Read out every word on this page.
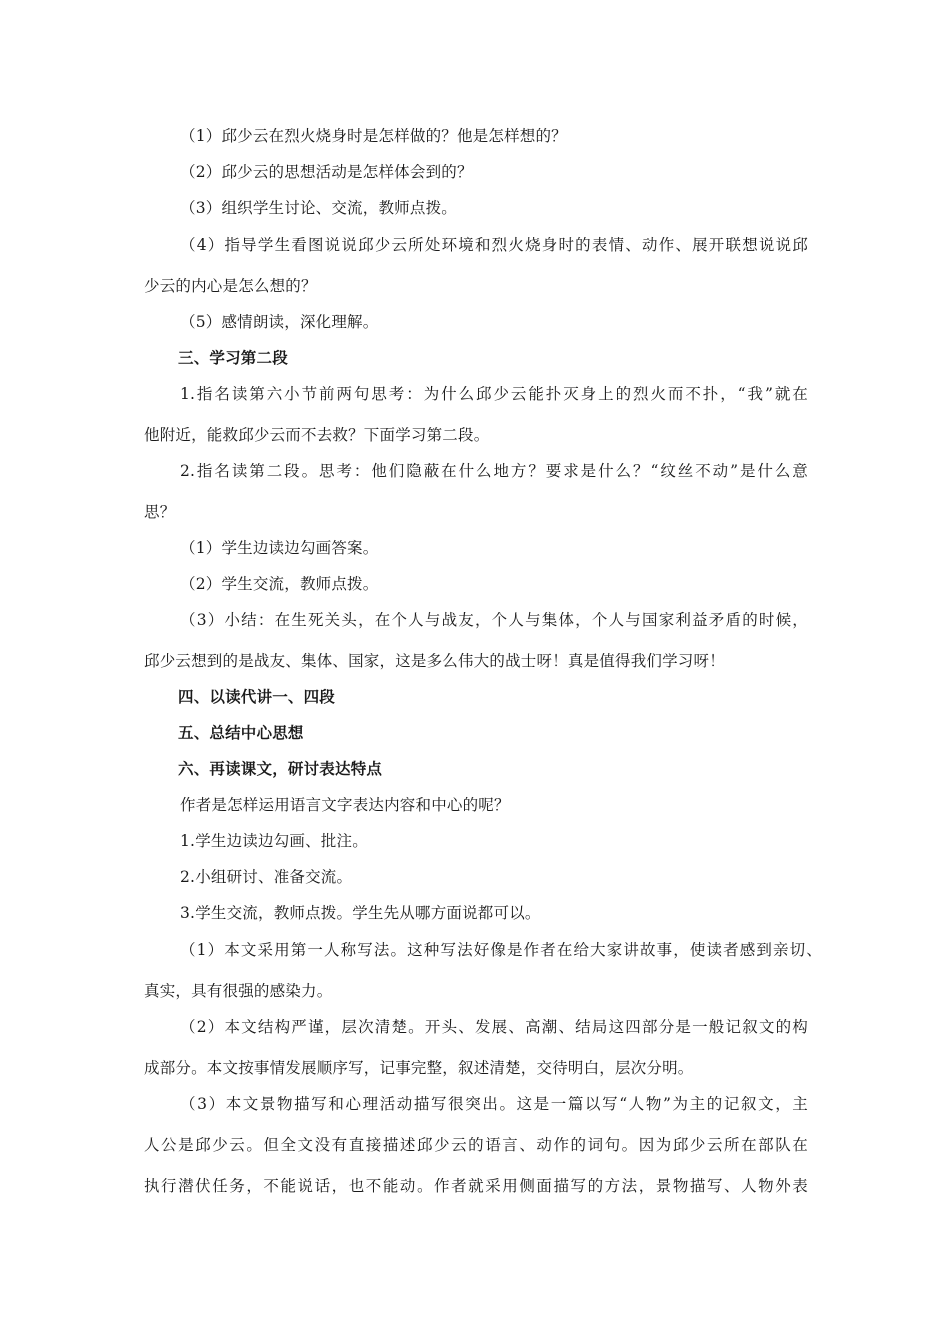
（1）邱少云在烈火烧身时是怎样做的？他是怎样想的？
（2）邱少云的思想活动是怎样体会到的？
（3）组织学生讨论、交流，教师点拨。
（4）指导学生看图说说邱少云所处环境和烈火烧身时的表情、动作、展开联想说说邱
少云的内心是怎么想的？
（5）感情朗读，深化理解。
三、学习第二段
1.指名读第六小节前两句思考：为什么邱少云能扑灭身上的烈火而不扑，“我”就在
他附近，能救邱少云而不去救？下面学习第二段。
2.指名读第二段。思考：他们隐蔽在什么地方？要求是什么？“纹丝不动”是什么意
思？
（1）学生边读边勾画答案。
（2）学生交流，教师点拨。
（3）小结：在生死关头，在个人与战友，个人与集体，个人与国家利益矛盾的时候，
邱少云想到的是战友、集体、国家，这是多么伟大的战士呀！真是值得我们学习呀！
四、以读代讲一、四段
五、总结中心思想
六、再读课文，研讨表达特点
作者是怎样运用语言文字表达内容和中心的呢？
1.学生边读边勾画、批注。
2.小组研讨、准备交流。
3.学生交流，教师点拨。学生先从哪方面说都可以。
（1）本文采用第一人称写法。这种写法好像是作者在给大家讲故事，使读者感到亲切、
真实，具有很强的感染力。
（2）本文结构严谨，层次清楚。开头、发展、高潮、结局这四部分是一般记叙文的构
成部分。本文按事情发展顺序写，记事完整，叙述清楚，交待明白，层次分明。
（3）本文景物描写和心理活动描写很突出。这是一篇以写“人物”为主的记叙文，主
人公是邱少云。但全文没有直接描述邱少云的语言、动作的词句。因为邱少云所在部队在
执行潜伏任务，不能说话，也不能动。作者就采用侧面描写的方法，景物描写、人物外表
